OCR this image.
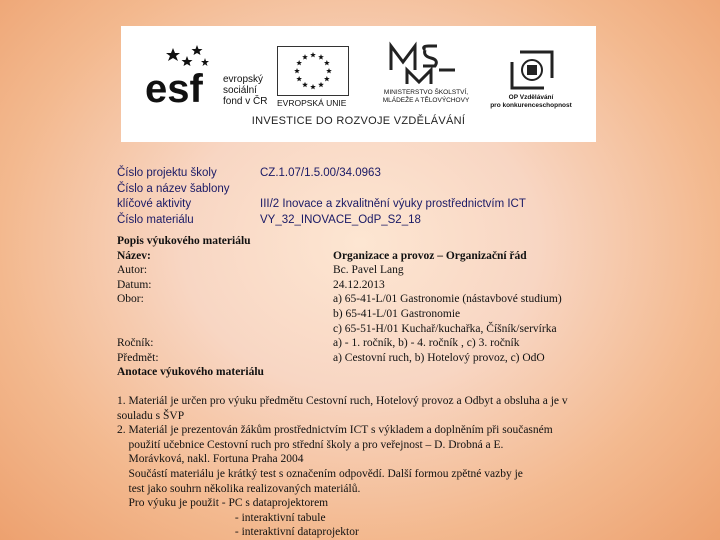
esf evropský
sociální
fond v ČR EVROPSKÁ UNIE
MINISTERSTVO ŠKOLSTVÍ,
MLÁDEŽE A TĚLOVÝCHOVY	OP Vzdělávání
pro konkurenceschopnost
INVESTICE DO ROZVOJE VZDĚLÁVÁNÍ
Číslo projektu školy	CZ.1.07/1.5.00/34.0963
Číslo a název šablony
klíčové aktivity	III/2 Inovace a zkvalitnění výuky prostřednictvím ICT
Číslo materiálu	VY_32_INOVACE_OdP_S2_18
Popis výukového materiálu
Název:	Organizace a provoz – Organizační řád
Autor:	Bc. Pavel Lang
Datum:	24.12.2013
Obor:	a) 65-41-L/01 Gastronomie (nástavbové studium)
b) 65-41-L/01 Gastronomie
c) 65-51-H/01 Kuchař/kuchařka, Číšník/servírka
Ročník:	a) - 1. ročník, b) - 4. ročník , c) 3. ročník
Předmět:	a) Cestovní ruch, b) Hotelový provoz, c) OdO
Anotace výukového materiálu
1. Materiál je určen pro výuku předmětu Cestovní ruch, Hotelový provoz a Odbyt a obsluha a je v
souladu s ŠVP
2. Materiál je prezentován žákům prostřednictvím ICT s výkladem a doplněním při současném
použití učebnice Cestovní ruch pro střední školy a pro veřejnost – D. Drobná a E.
Morávková, nakl. Fortuna Praha 2004
Součástí materiálu je krátký test s označením odpovědí. Další formou zpětné vazby je
test jako souhrn několika realizovaných materiálů.
Pro výuku je použit - PC s dataprojektorem
- interaktivní tabule
- interaktivní dataprojektor
